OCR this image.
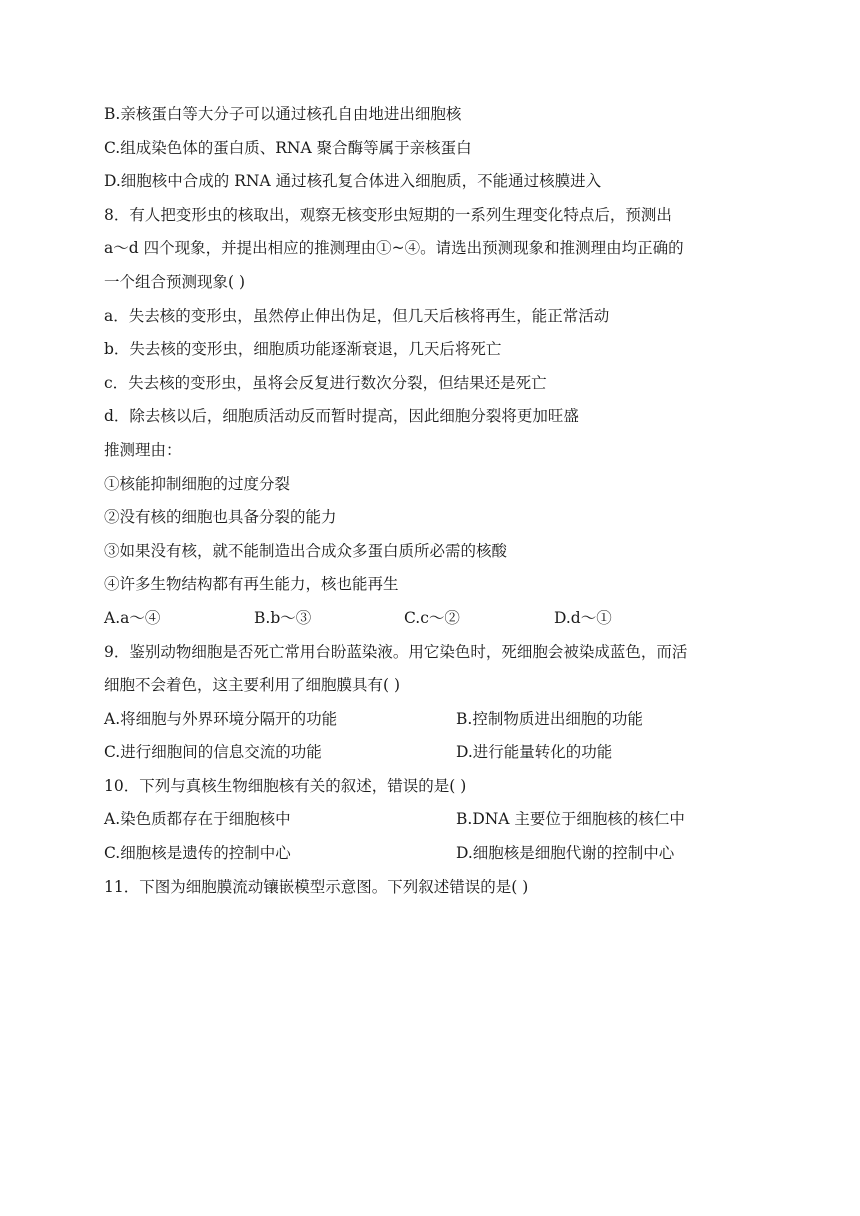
B.亲核蛋白等大分子可以通过核孔自由地进出细胞核
C.组成染色体的蛋白质、RNA 聚合酶等属于亲核蛋白
D.细胞核中合成的 RNA 通过核孔复合体进入细胞质，不能通过核膜进入
8．有人把变形虫的核取出，观察无核变形虫短期的一系列生理变化特点后，预测出
a～d 四个现象，并提出相应的推测理由①~④。请选出预测现象和推测理由均正确的
一个组合预测现象( )
a．失去核的变形虫，虽然停止伸出伪足，但几天后核将再生，能正常活动
b．失去核的变形虫，细胞质功能逐渐衰退，几天后将死亡
c．失去核的变形虫，虽将会反复进行数次分裂，但结果还是死亡
d．除去核以后，细胞质活动反而暂时提高，因此细胞分裂将更加旺盛
推测理由：
①核能抑制细胞的过度分裂
②没有核的细胞也具备分裂的能力
③如果没有核，就不能制造出合成众多蛋白质所必需的核酸
④许多生物结构都有再生能力，核也能再生
A.a～④	B.b～③	C.c～②	D.d～①
9．鉴别动物细胞是否死亡常用台盼蓝染液。用它染色时，死细胞会被染成蓝色，而活
细胞不会着色，这主要利用了细胞膜具有( )
A.将细胞与外界环境分隔开的功能	B.控制物质进出细胞的功能
C.进行细胞间的信息交流的功能	D.进行能量转化的功能
10．下列与真核生物细胞核有关的叙述，错误的是( )
A.染色质都存在于细胞核中	B.DNA 主要位于细胞核的核仁中
C.细胞核是遗传的控制中心	D.细胞核是细胞代谢的控制中心
11．下图为细胞膜流动镶嵌模型示意图。下列叙述错误的是( )
